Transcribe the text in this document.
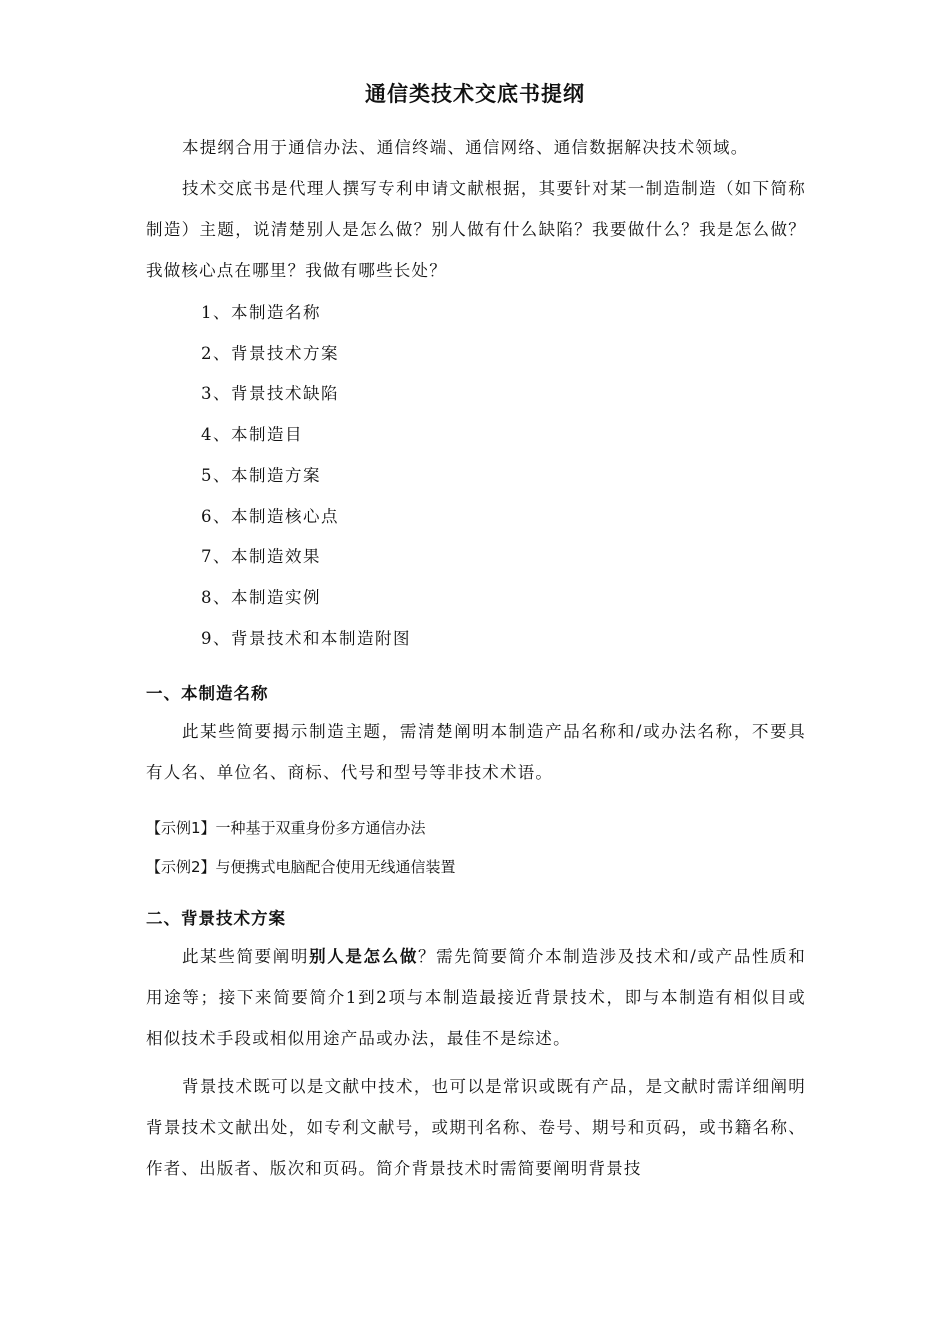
通信类技术交底书提纲

本提纲合用于通信办法、通信终端、通信网络、通信数据解决技术领域。

技术交底书是代理人撰写专利申请文献根据，其要针对某一制造制造（如下简称制造）主题，说清楚别人是怎么做？别人做有什么缺陷？我要做什么？我是怎么做？我做核心点在哪里？我做有哪些长处？

1、本制造名称
2、背景技术方案
3、背景技术缺陷
4、本制造目
5、本制造方案
6、本制造核心点
7、本制造效果
8、本制造实例
9、背景技术和本制造附图
一、本制造名称

此某些简要揭示制造主题，需清楚阐明本制造产品名称和/或办法名称，不要具有人名、单位名、商标、代号和型号等非技术术语。

【示例1】一种基于双重身份多方通信办法

【示例2】与便携式电脑配合使用无线通信装置

二、背景技术方案

此某些简要阐明别人是怎么做？需先简要简介本制造涉及技术和/或产品性质和用途等；接下来简要简介1到2项与本制造最接近背景技术，即与本制造有相似目或相似技术手段或相似用途产品或办法，最佳不是综述。

背景技术既可以是文献中技术，也可以是常识或既有产品，是文献时需详细阐明背景技术文献出处，如专利文献号，或期刊名称、卷号、期号和页码，或书籍名称、作者、出版者、版次和页码。简介背景技术时需简要阐明背景技
